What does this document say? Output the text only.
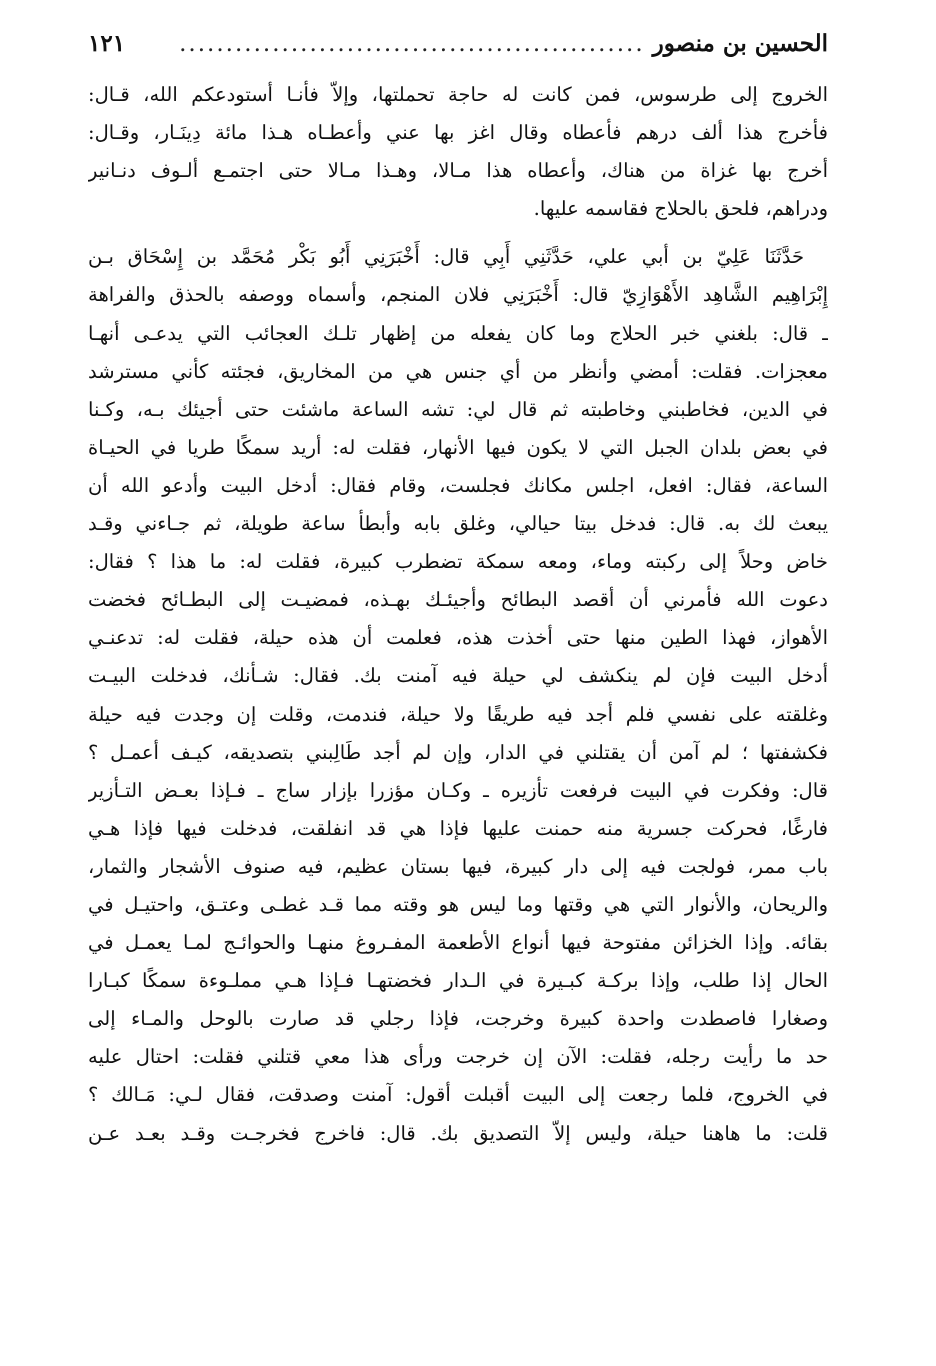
الحسين بن منصور
..................................................
١٢١
الخروج إلى طرسوس، فمن كانت له حاجة تحملتها، وإلاّ فأنـا أستودعكم الله، قـال:
فأخرج هذا ألف درهم فأعطاه وقال اغز بها عني وأعطـاه هـذا مائة دِينَـار، وقـال:
أخرج بها غزاة من هناك، وأعطاه هذا مـالا، وهـذا مـالا حتى اجتمـع ألـوف دنـانير
ودراهم، فلحق بالحلاج فقاسمه عليها.
حَدَّثَنَا عَلِيّ بن أبي علي، حَدَّثَنِي أَبِي قال: أَخْبَرَنِي أَبُو بَكْر مُحَمَّد بن إِسْحَاق بـن
إِبْرَاهِيم الشَّاهِد الأَهْوَازِيّ قال: أَخْبَرَنِي فلان المنجم، وأسماه ووصفه بالحذق والفراهة
ـ قال: بلغني خبر الحلاج وما كان يفعله من إظهار تلـك العجائب التي يدعـى أنهـا
معجزات. فقلت: أمضي وأنظر من أي جنس هي من المخاريق، فجئته كأني مسترشد
في الدين، فخاطبني وخاطبته ثم قال لي: تشه الساعة ماشئت حتى أجيئك بـه، وكـنا
في بعض بلدان الجبل التي لا يكون فيها الأنهار، فقلت له: أريد سمكًا طريا في الحيـاة
الساعة، فقال: افعل، اجلس مكانك فجلست، وقام فقال: أدخل البيت وأدعو الله أن
يبعث لك به. قال: فدخل بيتا حيالي، وغلق بابه وأبطأ ساعة طويلة، ثم جـاءني وقـد
خاض وحلاً إلى ركبته وماء، ومعه سمكة تضطرب كبيرة، فقلت له: ما هذا ؟ فقال:
دعوت الله فأمرني أن أقصد البطائح وأجيئـك بهـذه، فمضيـت إلى البطـائح فخضت
الأهواز، فهذا الطين منها حتى أخذت هذه، فعلمت أن هذه حيلة، فقلت له: تدعنـي
أدخل البيت فإن لم ينكشف لي حيلة فيه آمنت بك. فقال: شـأنك، فدخلت البيـت
وغلقته على نفسي فلم أجد فيه طريقًا ولا حيلة، فندمت، وقلت إن وجدت فيه حيلة
فكشفتها ؛ لم آمن أن يقتلني في الدار، وإن لم أجد طَالِبني بتصديقه، كيـف أعمـل ؟
قال: وفكرت في البيت فرفعت تأزيره ـ وكـان مؤزرا بإزار ساج ـ فـإذا بعـض التـأزير
فارغًا، فحركت جسرية منه حمنت عليها فإذا هي قد انفلقت، فدخلت فيها فإذا هـي
باب ممر، فولجت فيه إلى دار كبيرة، فيها بستان عظيم، فيه صنوف الأشجار والثمار،
والريحان، والأنوار التي هي وقتها وما ليس هو وقته مما قـد غطـى وعتـق، واحتيـل في
بقائه. وإذا الخزائن مفتوحة فيها أنواع الأطعمة المفـروغ منهـا والحوائـج لمـا يعمـل في
الحال إذا طلب، وإذا بركـة كبـيرة في الـدار فخضتهـا فـإذا هـي مملـوءة سمكًا كبـارا
وصغارا فاصطدت واحدة كبيرة وخرجت، فإذا رجلي قد صارت بالوحل والمـاء إلى
حد ما رأيت رجله، فقلت: الآن إن خرجت ورأى هذا معي قتلني فقلت: احتال عليه
في الخروج، فلما رجعت إلى البيت أقبلت أقول: آمنت وصدقت، فقال لـي: مَـالك ؟
قلت: ما هاهنا حيلة، وليس إلاّ التصديق بك. قال: فاخرج فخرجـت وقـد بعـد عـن
